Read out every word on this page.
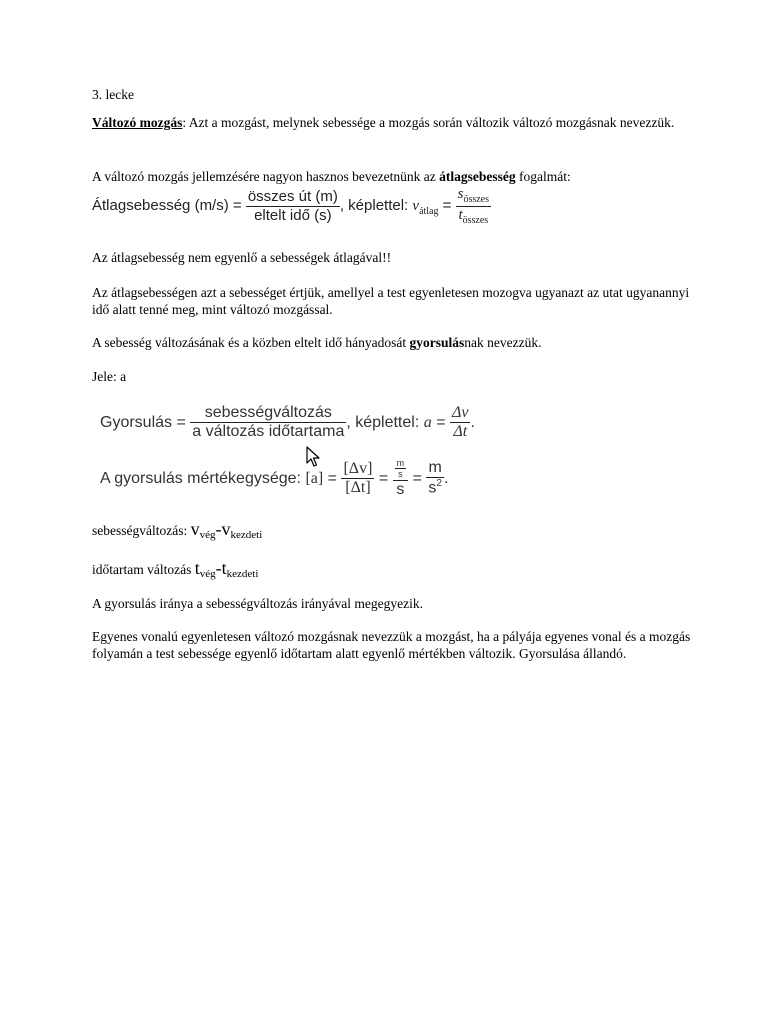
3. lecke

Változó mozgás: Azt a mozgást, melynek sebessége a mozgás során változik változó mozgásnak nevezzük.

A változó mozgás jellemzésére nagyon hasznos bevezetnünk az átlagsebesség fogalmát:

Átlagsebesség $(m/s) = \frac{\text{összes út (m)}}{\text{eltelt idő (s)}}$ , képlettel: $v_{átlag} = \frac{s_{összes}}{t_{összes}}$

Az átlagsebesség nem egyenlő a sebességek átlagával!!

Az átlagsebességen azt a sebességet értjük, amellyel a test egyenletesen mozogva ugyanazt az utat ugyanannyi idő alatt tenné meg, mint változó mozgással.

A sebesség változásának és a közben eltelt idő hányadosát gyorsulásnak nevezzük.

Jele: a

Gyorsulás = $\frac{\text{sebességváltozás}}{\text{a változás időtartama}}$ , képlettel: $a = \frac{\Delta v}{\Delta t}$ .
A gyorsulás mértékegysége: $[a] = \frac{[\Delta v]}{[\Delta t]} = \frac{\frac{m}{s}}{s} = \frac{m}{s^2}$ .

sebességváltozás: $v_{vég}-v_{kezdeti}$

időtartam változás $t_{vég}-t_{kezdeti}$

A gyorsulás iránya a sebességváltozás irányával megegyezik.

Egyenes vonalú egyenletesen változó mozgásnak nevezzük a mozgást, ha a pályája egyenes vonal és a mozgás folyamán a test sebessége egyenlő időtartam alatt egyenlő mértékben változik. Gyorsulása állandó.
